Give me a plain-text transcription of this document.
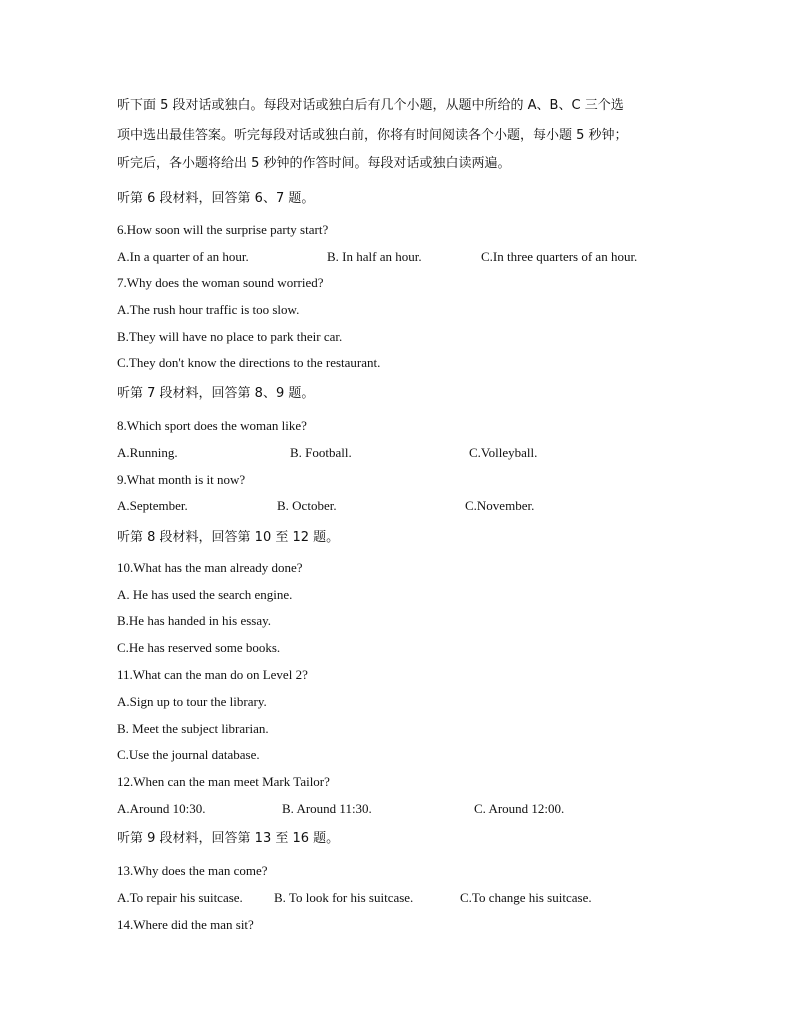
听下面 5 段对话或独白。每段对话或独白后有几个小题，从题中所给的 A、B、C 三个选
项中选出最佳答案。听完每段对话或独白前，你将有时间阅读各个小题，每小题 5 秒钟；
听完后，各小题将给出 5 秒钟的作答时间。每段对话或独白读两遍。
听第 6 段材料，回答第 6、7 题。
6.How soon will the surprise party start?
A.In a quarter of an hour.	B. In half an hour.	C.In three quarters of an hour.
7.Why does the woman sound worried?
A.The rush hour traffic is too slow.
B.They will have no place to park their car.
C.They don't know the directions to the restaurant.
听第 7 段材料，回答第 8、9 题。
8.Which sport does the woman like?
A.Running.	B. Football.	C.Volleyball.
9.What month is it now?
A.September.	B. October.	C.November.
听第 8 段材料，回答第 10 至 12 题。
10.What has the man already done?
A. He has used the search engine.
B.He has handed in his essay.
C.He has reserved some books.
11.What can the man do on Level 2?
A.Sign up to tour the library.
B. Meet the subject librarian.
C.Use the journal database.
12.When can the man meet Mark Tailor?
A.Around 10:30.	B. Around 11:30.	C. Around 12:00.
听第 9 段材料，回答第 13 至 16 题。
13.Why does the man come?
A.To repair his suitcase. B. To look for his suitcase.	C.To change his suitcase.
14.Where did the man sit?
